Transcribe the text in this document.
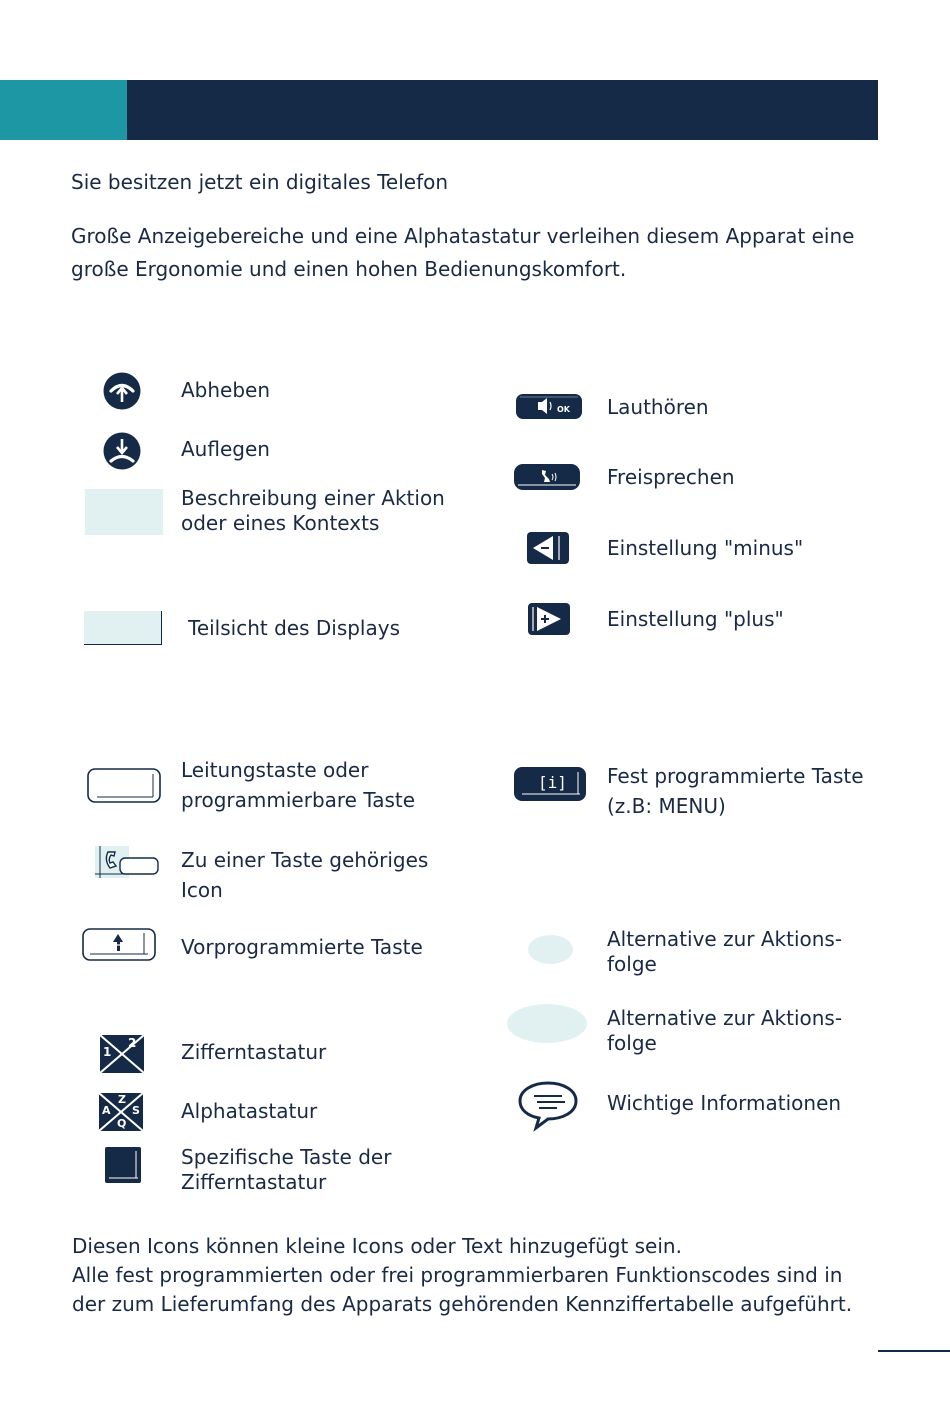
Sie besitzen jetzt ein digitales Telefon
Große Anzeigebereiche und eine Alphatastatur verleihen diesem Apparat eine
große Ergonomie und einen hohen Bedienungskomfort.
Abheben
Auflegen
Beschreibung einer Aktion
oder eines Kontexts
Teilsicht des Displays
Leitungstaste oder
programmierbare Taste
Zu einer Taste gehöriges
Icon
Vorprogrammierte Taste
1
2 Zifferntastatur
A
Z
Q
S Alphatastatur
Spezifische Taste der
Zifferntastatur
OK Lauthören
Freisprechen
Einstellung "minus"
Einstellung "plus"
[i] Fest programmierte Taste
(z.B: MENU)
Alternative zur Aktions-
folge
Alternative zur Aktions-
folge
Wichtige Informationen
Diesen Icons können kleine Icons oder Text hinzugefügt sein.
Alle fest programmierten oder frei programmierbaren Funktionscodes sind in
der zum Lieferumfang des Apparats gehörenden Kennziffertabelle aufgeführt.
